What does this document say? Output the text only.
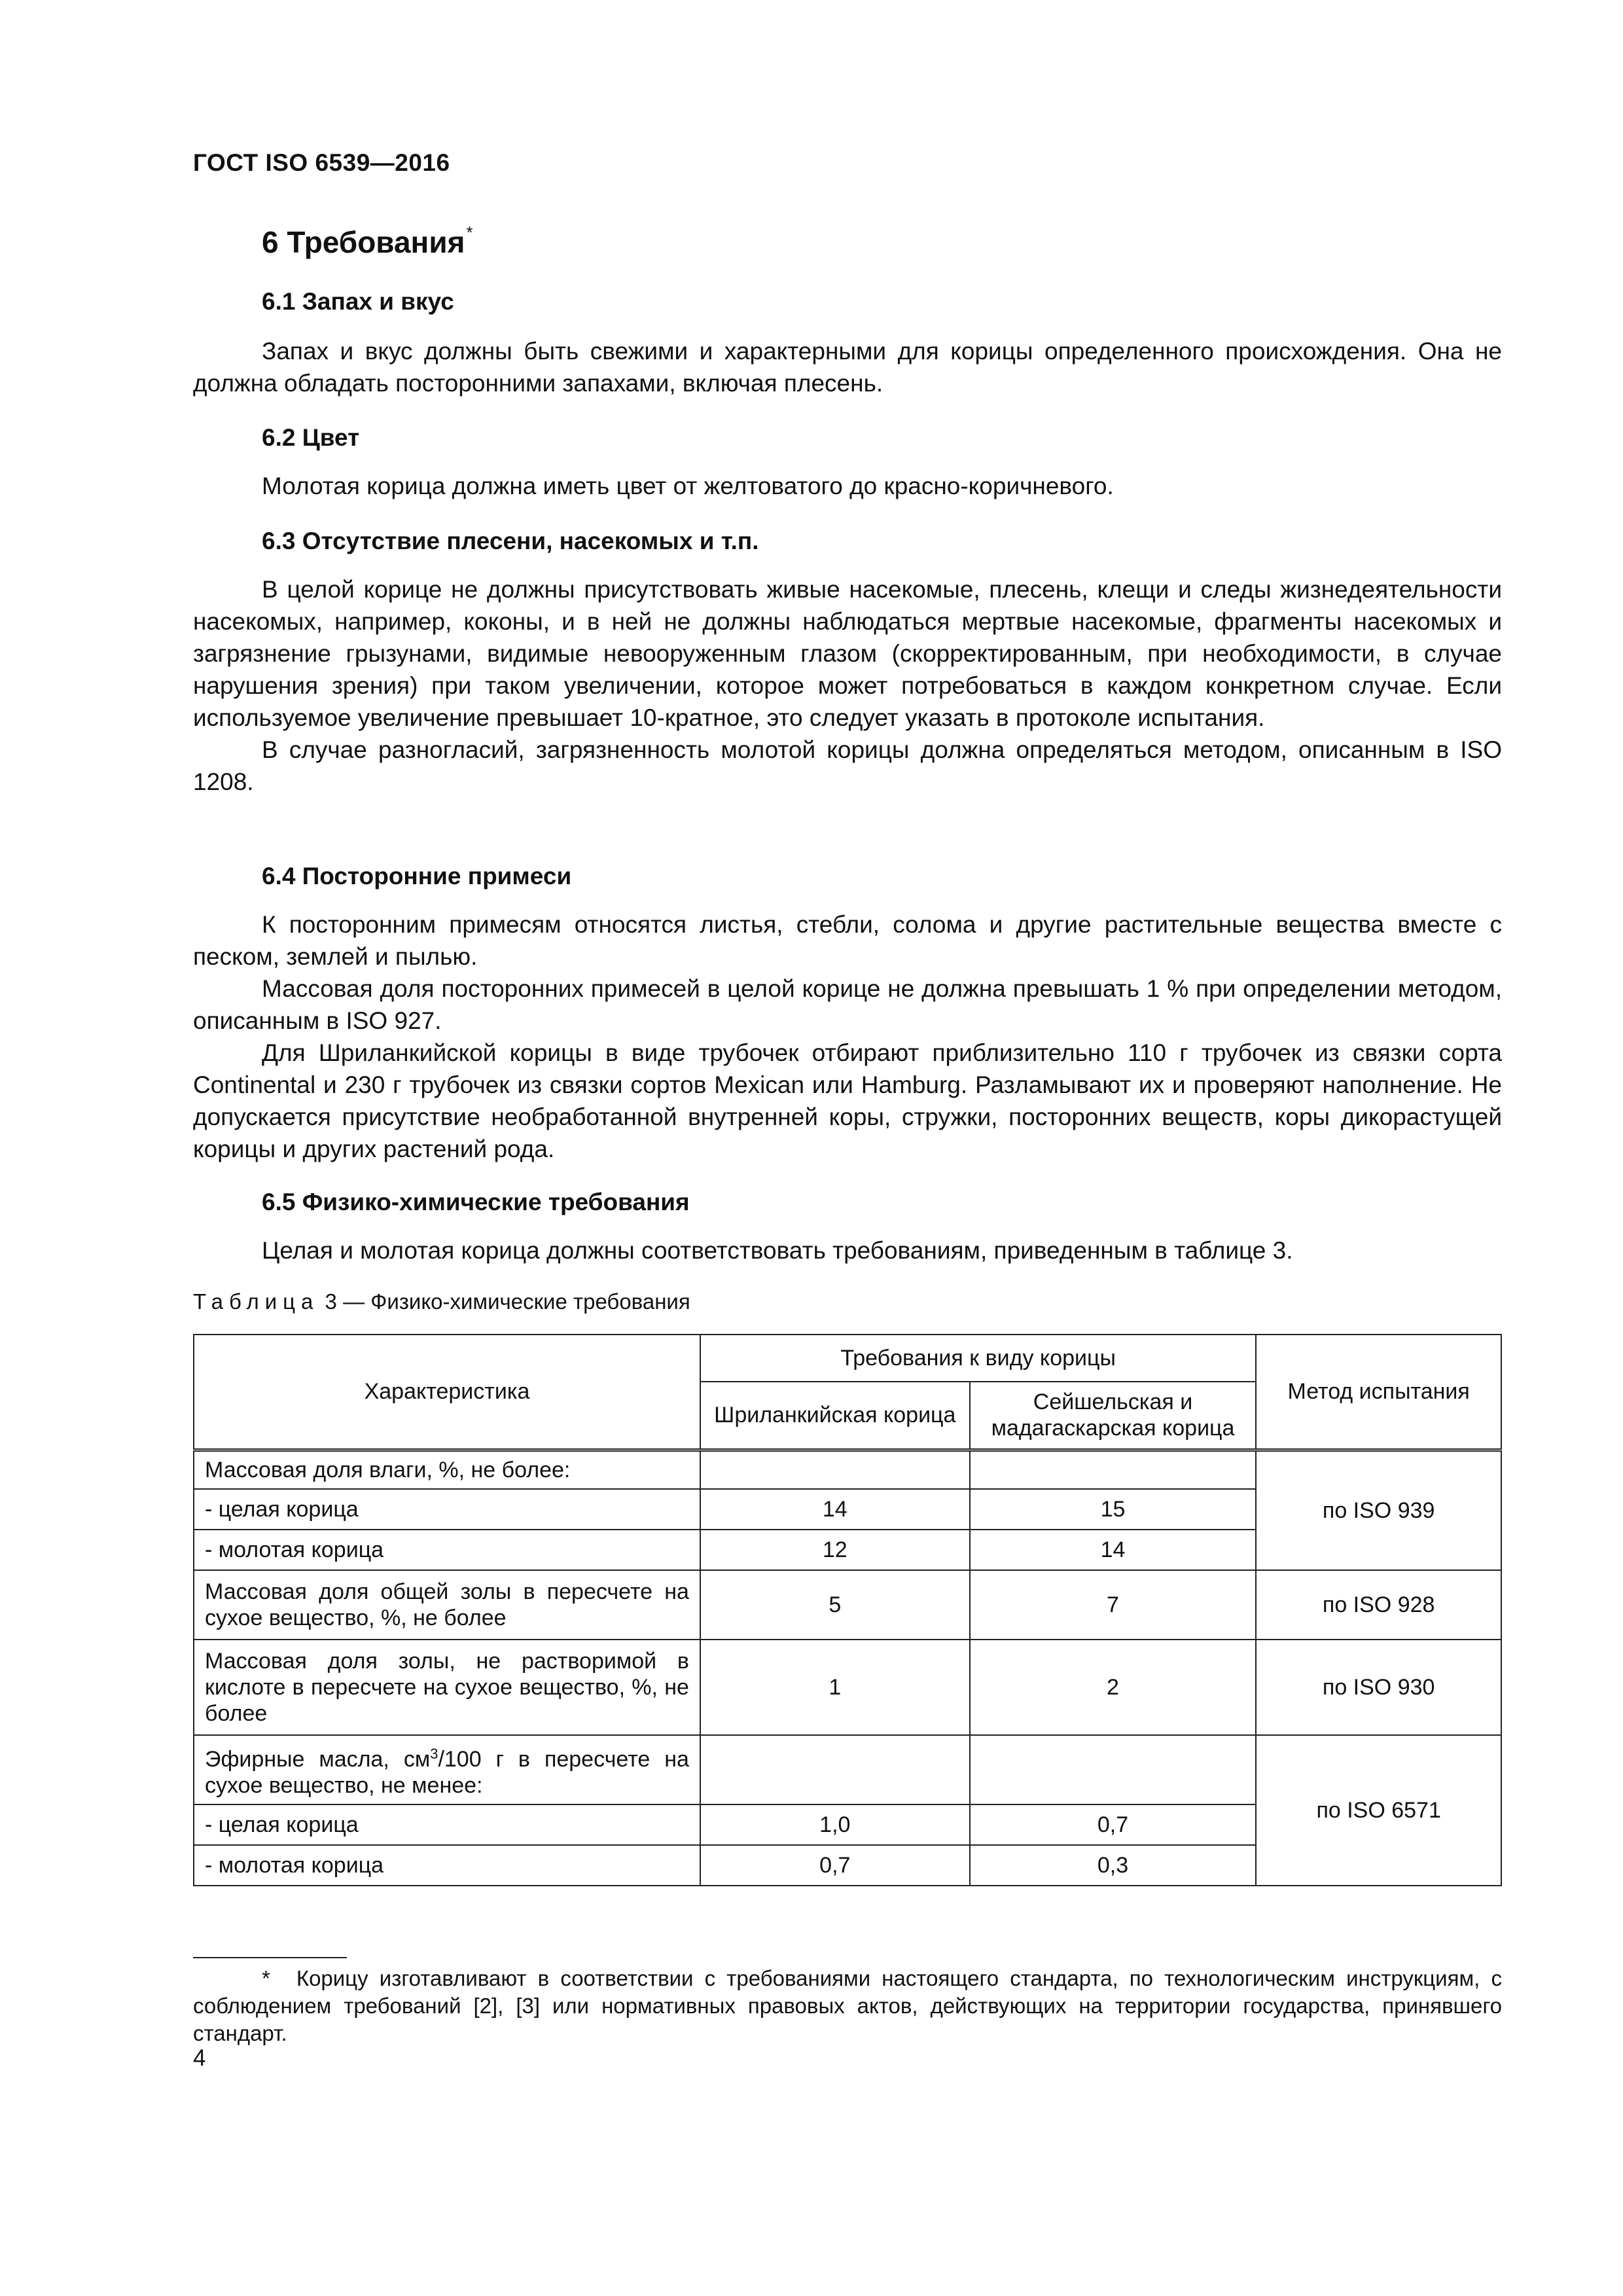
ГОСТ ISO 6539—2016
6 Требования*
6.1 Запах и вкус

Запах и вкус должны быть свежими и характерными для корицы определенного происхождения. Она не должна обладать посторонними запахами, включая плесень.

6.2 Цвет

Молотая корица должна иметь цвет от желтоватого до красно-коричневого.

6.3 Отсутствие плесени, насекомых и т.п.

В целой корице не должны присутствовать живые насекомые, плесень, клещи и следы жизнедеятельности насекомых, например, коконы, и в ней не должны наблюдаться мертвые насекомые, фрагменты насекомых и загрязнение грызунами, видимые невооруженным глазом (скорректированным, при необходимости, в случае нарушения зрения) при таком увеличении, которое может потребоваться в каждом конкретном случае. Если используемое увеличение превышает 10-кратное, это следует указать в протоколе испытания.

В случае разногласий, загрязненность молотой корицы должна определяться методом, описанным в ISO 1208.

6.4 Посторонние примеси

К посторонним примесям относятся листья, стебли, солома и другие растительные вещества вместе с песком, землей и пылью.

Массовая доля посторонних примесей в целой корице не должна превышать 1 % при определении методом, описанным в ISO 927.

Для Шриланкийской корицы в виде трубочек отбирают приблизительно 110 г трубочек из связки сорта Continental и 230 г трубочек из связки сортов Mexican или Hamburg. Разламывают их и проверяют наполнение. Не допускается присутствие необработанной внутренней коры, стружки, посторонних веществ, коры дикорастущей корицы и других растений рода.

6.5 Физико-химические требования

Целая и молотая корица должны соответствовать требованиям, приведенным в таблице 3.

Таблица 3 — Физико-химические требования
Характеристика	Требования к виду корицы		Метод испытания
	Шриланкийская корица	Сейшельская и мадагаскарская корица	
Массовая доля влаги, %, не более:			по ISO 939
- целая корица	14	15	
- молотая корица	12	14	
Массовая доля общей золы в пересчете на сухое вещество, %, не более	5	7	по ISO 928
Массовая доля золы, не растворимой в кислоте в пересчете на сухое вещество, %, не более	1	2	по ISO 930
Эфирные масла, $см^3/100$ г в пересчете на сухое вещество, не менее:			по ISO 6571
- целая корица	1,0	0,7	
- молотая корица	0,7	0,3	
* Корицу изготавливают в соответствии с требованиями настоящего стандарта, по технологическим инструкциям, с соблюдением требований [2], [3] или нормативных правовых актов, действующих на территории государства, принявшего стандарт.
4
